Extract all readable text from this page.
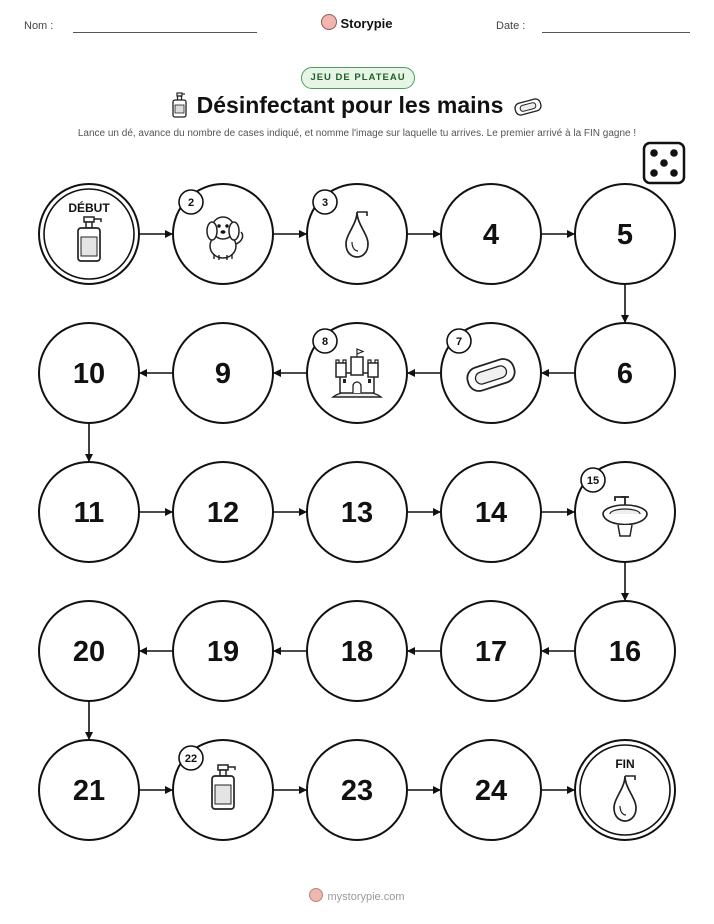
Nom :	Storypie	Date :
JEU DE PLATEAU
Désinfectant pour les mains
Lance un dé, avance du nombre de cases indiqué, et nomme l'image sur laquelle tu arrives. Le premier arrivé à la FIN gagne !
DÉBUT	2	3
4	5
6
7
8
9
10
11	12	13	14
15
16
17
18
19
20
21
22
23	24
FIN
mystorypie.com
